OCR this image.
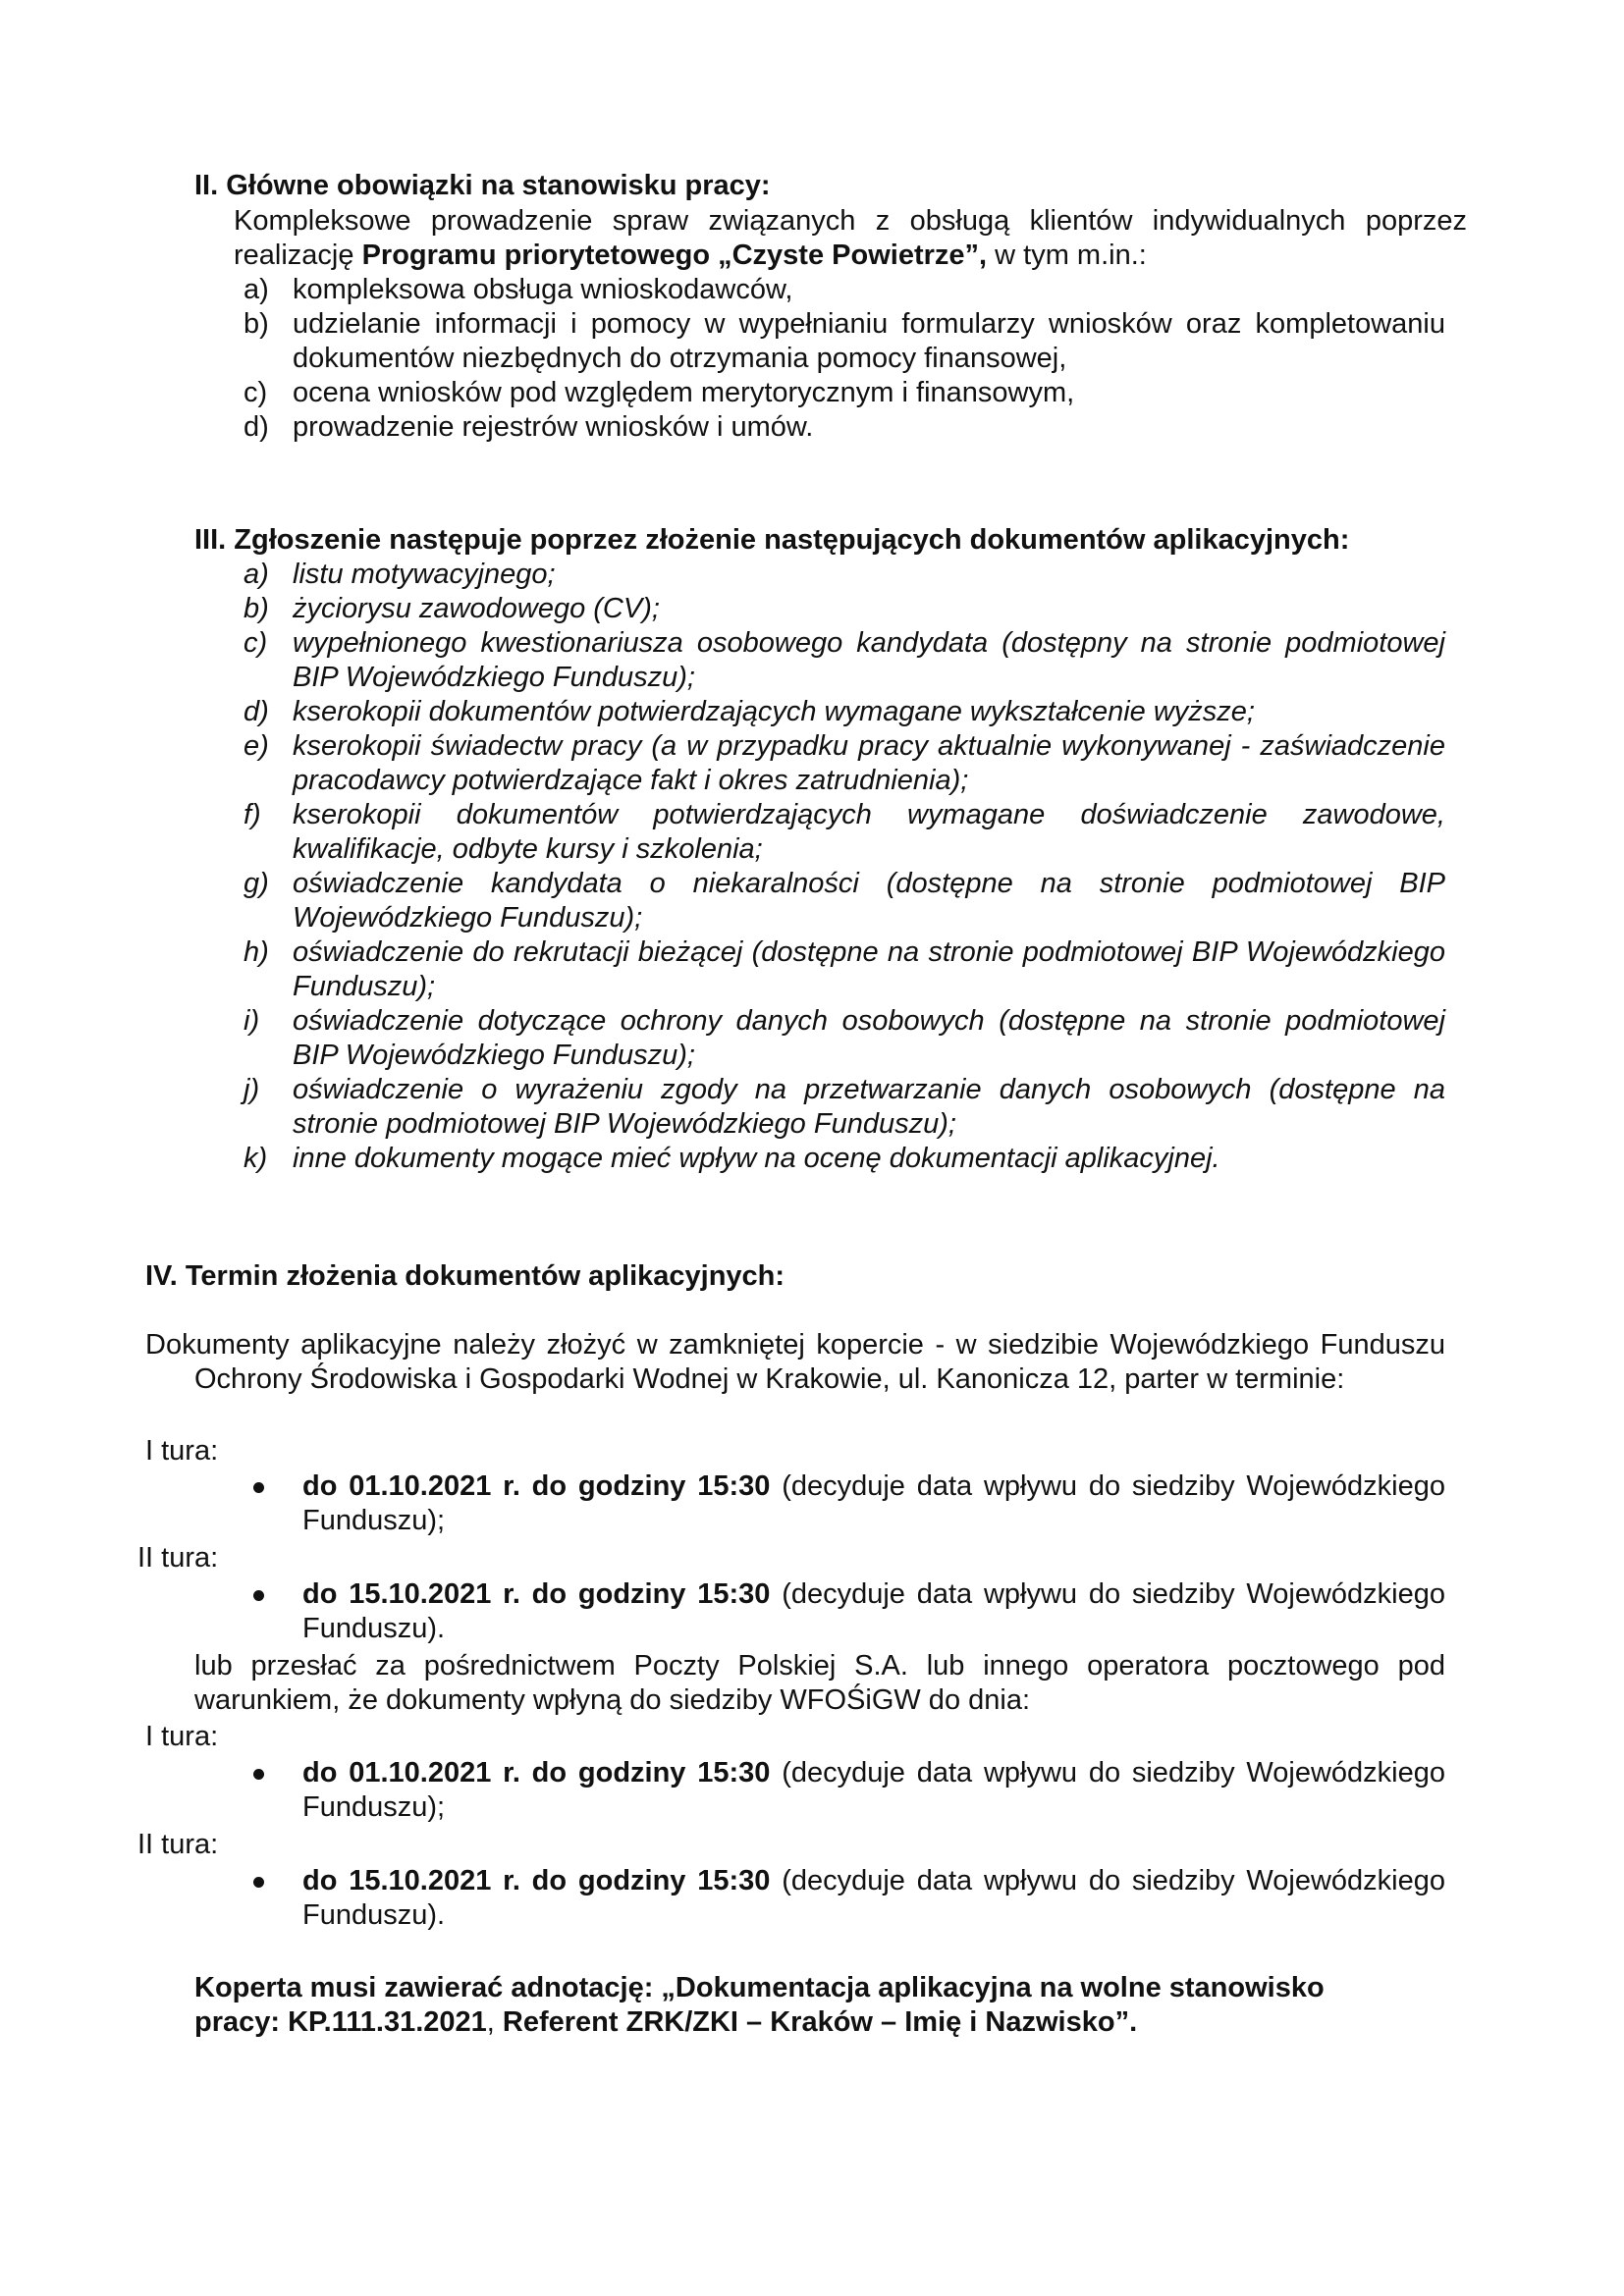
II. Główne obowiązki na stanowisku pracy:
Kompleksowe prowadzenie spraw związanych z obsługą klientów indywidualnych poprzez realizację Programu priorytetowego „Czyste Powietrze”, w tym m.in.:
a) kompleksowa obsługa wnioskodawców,
b) udzielanie informacji i pomocy w wypełnianiu formularzy wniosków oraz kompletowaniu dokumentów niezbędnych do otrzymania pomocy finansowej,
c) ocena wniosków pod względem merytorycznym i finansowym,
d) prowadzenie rejestrów wniosków i umów.
III. Zgłoszenie następuje poprzez złożenie następujących dokumentów aplikacyjnych:
a) listu motywacyjnego;
b) życiorysu zawodowego (CV);
c) wypełnionego kwestionariusza osobowego kandydata (dostępny na stronie podmiotowej BIP Wojewódzkiego Funduszu);
d) kserokopii dokumentów potwierdzających wymagane wykształcenie wyższe;
e) kserokopii świadectw pracy (a w przypadku pracy aktualnie wykonywanej - zaświadczenie pracodawcy potwierdzające fakt i okres zatrudnienia);
f) kserokopii dokumentów potwierdzających wymagane doświadczenie zawodowe, kwalifikacje, odbyte kursy i szkolenia;
g) oświadczenie kandydata o niekaralności (dostępne na stronie podmiotowej BIP Wojewódzkiego Funduszu);
h) oświadczenie do rekrutacji bieżącej (dostępne na stronie podmiotowej BIP Wojewódzkiego Funduszu);
i) oświadczenie dotyczące ochrony danych osobowych (dostępne na stronie podmiotowej BIP Wojewódzkiego Funduszu);
j) oświadczenie o wyrażeniu zgody na przetwarzanie danych osobowych (dostępne na stronie podmiotowej BIP Wojewódzkiego Funduszu);
k) inne dokumenty mogące mieć wpływ na ocenę dokumentacji aplikacyjnej.
IV. Termin złożenia dokumentów aplikacyjnych:
Dokumenty aplikacyjne należy złożyć w zamkniętej kopercie - w siedzibie Wojewódzkiego Funduszu Ochrony Środowiska i Gospodarki Wodnej w Krakowie, ul. Kanonicza 12, parter w terminie:
I tura:
do 01.10.2021 r. do godziny 15:30 (decyduje data wpływu do siedziby Wojewódzkiego Funduszu);
II tura:
do 15.10.2021 r. do godziny 15:30 (decyduje data wpływu do siedziby Wojewódzkiego Funduszu).
lub przesłać za pośrednictwem Poczty Polskiej S.A. lub innego operatora pocztowego pod warunkiem, że dokumenty wpłyną do siedziby WFOŚiGW do dnia:
I tura:
do 01.10.2021 r. do godziny 15:30 (decyduje data wpływu do siedziby Wojewódzkiego Funduszu);
II tura:
do 15.10.2021 r. do godziny 15:30 (decyduje data wpływu do siedziby Wojewódzkiego Funduszu).
Koperta musi zawierać adnotację: „Dokumentacja aplikacyjna na wolne stanowisko pracy: KP.111.31.2021, Referent ZRK/ZKI – Kraków – Imię i Nazwisko”.
